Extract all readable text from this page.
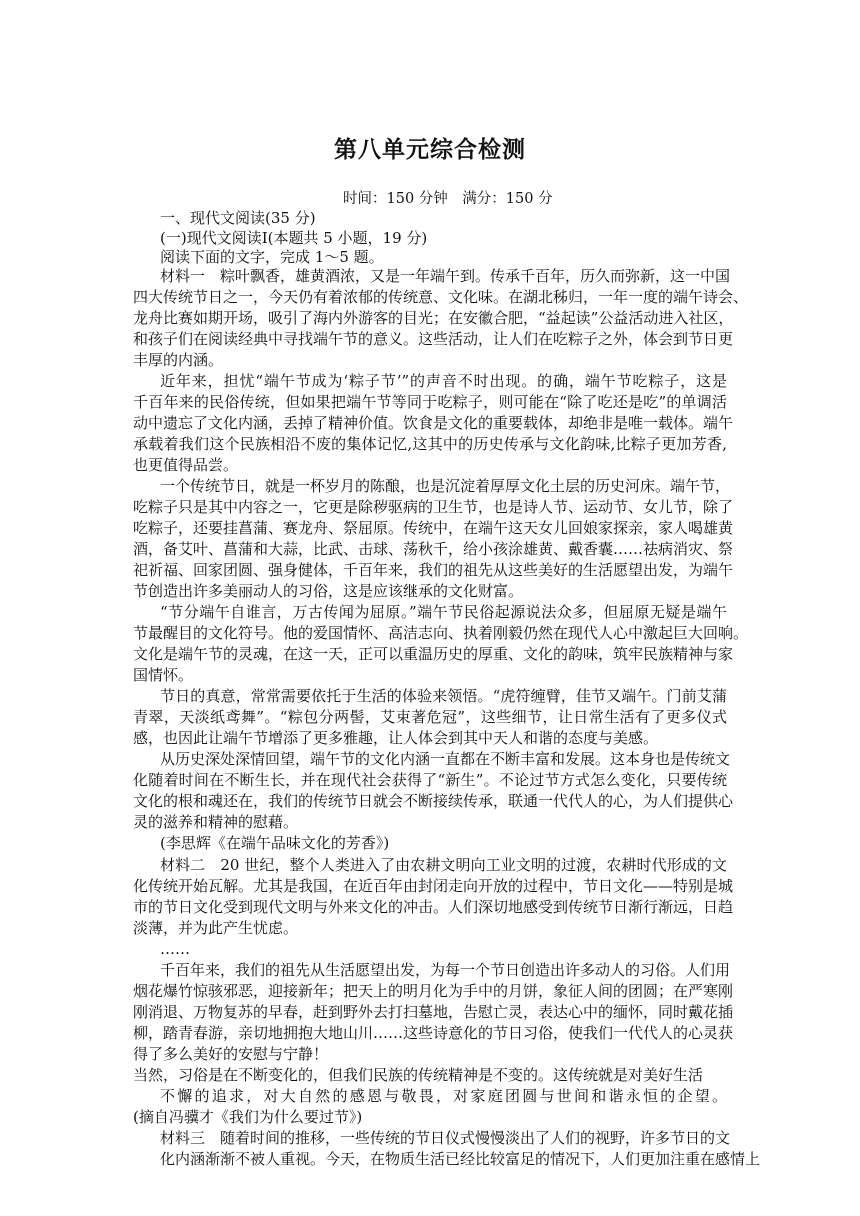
第八单元综合检测
时间：150 分钟　满分：150 分
一、现代文阅读(35 分)
(一)现代文阅读Ⅰ(本题共 5 小题，19 分)
阅读下面的文字，完成 1～5 题。
材料一　粽叶飘香，雄黄酒浓，又是一年端午到。传承千百年，历久而弥新，这一中国
四大传统节日之一，今天仍有着浓郁的传统意、文化味。在湖北秭归，一年一度的端午诗会、
龙舟比赛如期开场，吸引了海内外游客的目光；在安徽合肥，“益起读”公益活动进入社区，
和孩子们在阅读经典中寻找端午节的意义。这些活动，让人们在吃粽子之外，体会到节日更
丰厚的内涵。
近年来，担忧“端午节成为‘粽子节’”的声音不时出现。的确，端午节吃粽子，这是
千百年来的民俗传统，但如果把端午节等同于吃粽子，则可能在“除了吃还是吃”的单调活
动中遗忘了文化内涵，丢掉了精神价值。饮食是文化的重要载体，却绝非是唯一载体。端午
承载着我们这个民族相沿不废的集体记忆,这其中的历史传承与文化韵味,比粽子更加芳香,
也更值得品尝。
一个传统节日，就是一杯岁月的陈酿，也是沉淀着厚厚文化土层的历史河床。端午节，
吃粽子只是其中内容之一，它更是除秽驱病的卫生节，也是诗人节、运动节、女儿节，除了
吃粽子，还要挂菖蒲、赛龙舟、祭屈原。传统中，在端午这天女儿回娘家探亲，家人喝雄黄
酒，备艾叶、菖蒲和大蒜，比武、击球、荡秋千，给小孩涂雄黄、戴香囊……祛病消灾、祭
祀祈福、回家团圆、强身健体，千百年来，我们的祖先从这些美好的生活愿望出发，为端午
节创造出许多美丽动人的习俗，这是应该继承的文化财富。
“节分端午自谁言，万古传闻为屈原。”端午节民俗起源说法众多，但屈原无疑是端午
节最醒目的文化符号。他的爱国情怀、高洁志向、执着刚毅仍然在现代人心中激起巨大回响。
文化是端午节的灵魂，在这一天，正可以重温历史的厚重、文化的韵味，筑牢民族精神与家
国情怀。
节日的真意，常常需要依托于生活的体验来领悟。“虎符缠臂，佳节又端午。门前艾蒲
青翠，天淡纸鸢舞”。“粽包分两髻，艾束著危冠”，这些细节，让日常生活有了更多仪式
感，也因此让端午节增添了更多雅趣，让人体会到其中天人和谐的态度与美感。
从历史深处深情回望，端午节的文化内涵一直都在不断丰富和发展。这本身也是传统文
化随着时间在不断生长，并在现代社会获得了“新生”。不论过节方式怎么变化，只要传统
文化的根和魂还在，我们的传统节日就会不断接续传承，联通一代代人的心，为人们提供心
灵的滋养和精神的慰藉。
(李思辉《在端午品味文化的芳香》)
材料二　20 世纪，整个人类进入了由农耕文明向工业文明的过渡，农耕时代形成的文
化传统开始瓦解。尤其是我国，在近百年由封闭走向开放的过程中，节日文化——特别是城
市的节日文化受到现代文明与外来文化的冲击。人们深切地感受到传统节日渐行渐远，日趋
淡薄，并为此产生忧虑。
……
千百年来，我们的祖先从生活愿望出发，为每一个节日创造出许多动人的习俗。人们用
烟花爆竹惊骇邪恶，迎接新年；把天上的明月化为手中的月饼，象征人间的团圆；在严寒刚
刚消退、万物复苏的早春，赶到野外去打扫墓地，告慰亡灵，表达心中的缅怀，同时戴花插
柳，踏青春游，亲切地拥抱大地山川……这些诗意化的节日习俗，使我们一代代人的心灵获
得了多么美好的安慰与宁静！
当然，习俗是在不断变化的，但我们民族的传统精神是不变的。这传统就是对美好生活
不懈的追求，对大自然的感恩与敬畏，对家庭团圆与世间和谐永恒的企望。
(摘自冯骥才《我们为什么要过节》)
材料三　随着时间的推移，一些传统的节日仪式慢慢淡出了人们的视野，许多节日的文
化内涵渐渐不被人重视。今天，在物质生活已经比较富足的情况下，人们更加注重在感情上
